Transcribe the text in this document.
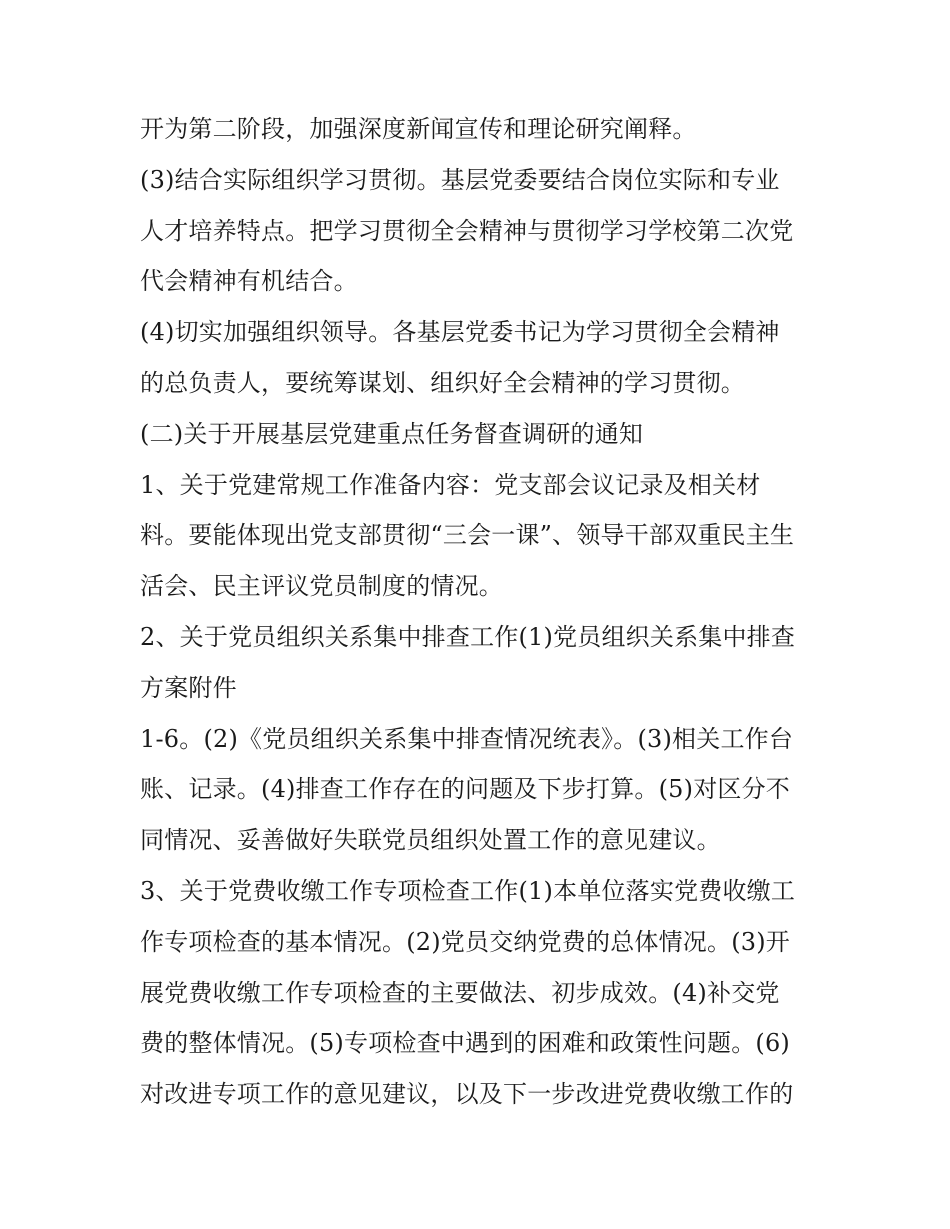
开为第二阶段，加强深度新闻宣传和理论研究阐释。
(3)结合实际组织学习贯彻。基层党委要结合岗位实际和专业
人才培养特点。把学习贯彻全会精神与贯彻学习学校第二次党
代会精神有机结合。
(4)切实加强组织领导。各基层党委书记为学习贯彻全会精神
的总负责人，要统筹谋划、组织好全会精神的学习贯彻。
(二)关于开展基层党建重点任务督查调研的通知
1、关于党建常规工作准备内容：党支部会议记录及相关材
料。要能体现出党支部贯彻“三会一课”、领导干部双重民主生
活会、民主评议党员制度的情况。
2、关于党员组织关系集中排查工作(1)党员组织关系集中排查
方案附件
1-6。(2)《党员组织关系集中排查情况统表》。(3)相关工作台
账、记录。(4)排查工作存在的问题及下步打算。(5)对区分不
同情况、妥善做好失联党员组织处置工作的意见建议。
3、关于党费收缴工作专项检查工作(1)本单位落实党费收缴工
作专项检查的基本情况。(2)党员交纳党费的总体情况。(3)开
展党费收缴工作专项检查的主要做法、初步成效。(4)补交党
费的整体情况。(5)专项检查中遇到的困难和政策性问题。(6)
对改进专项工作的意见建议，以及下一步改进党费收缴工作的
